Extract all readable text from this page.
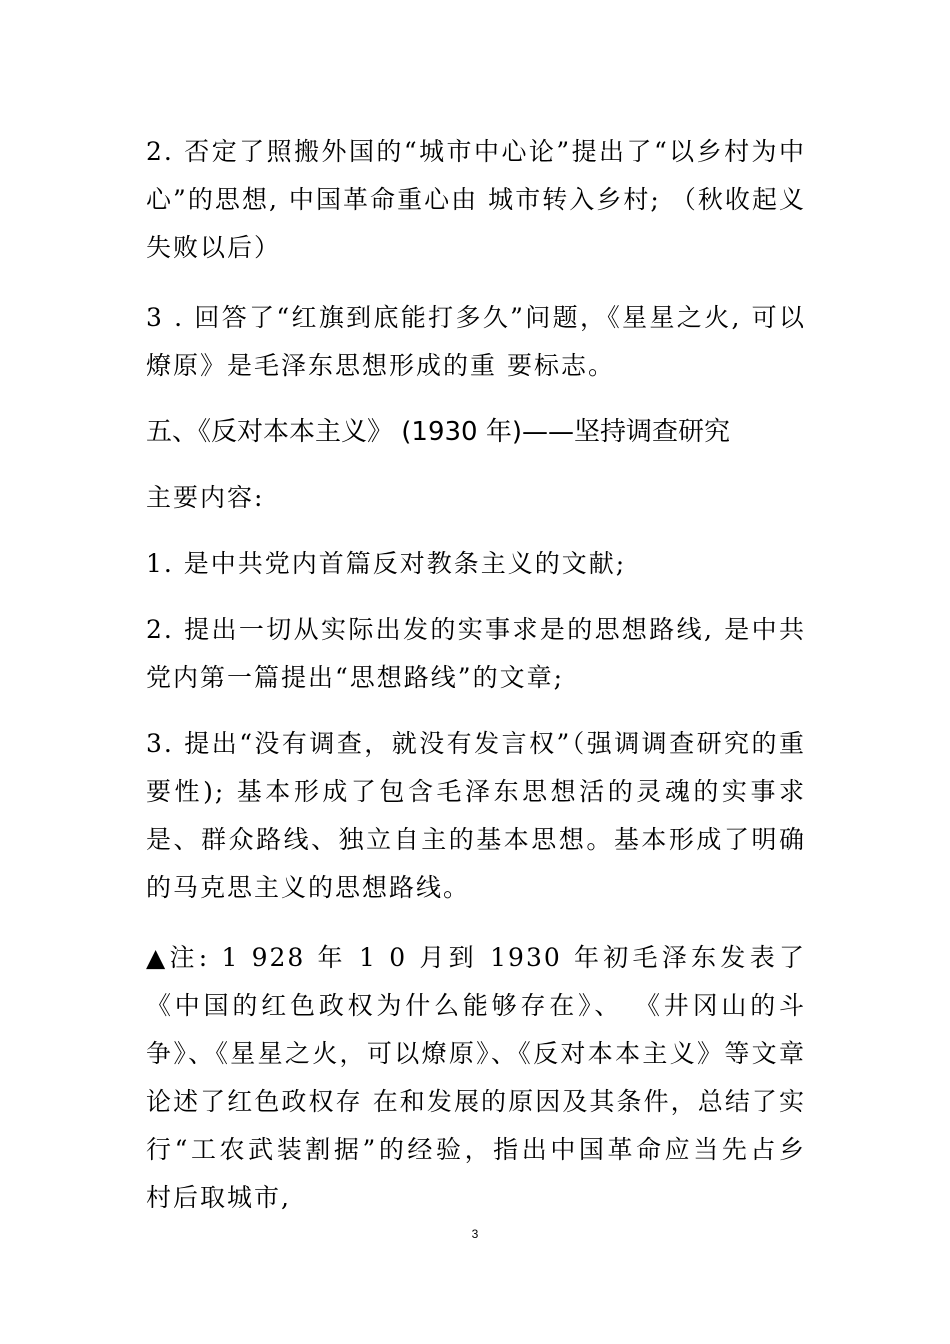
2. 否定了照搬外国的“城市中心论”提出了“以乡村为中心”的思想, 中国革命重心由 城市转入乡村; （秋收起义失败以后）

3 . 回答了“红旗到底能打多久”问题，《星星之火, 可以燎原》是毛泽东思想形成的重 要标志。

五、《反对本本主义》 (1930 年)——坚持调查研究

主要内容:

1. 是中共党内首篇反对教条主义的文献;

2. 提出一切从实际出发的实事求是的思想路线, 是中共党内第一篇提出“思想路线”的文章;

3. 提出“没有调查，就没有发言权”（强调调查研究的重要性); 基本形成了包含毛泽东思想活的灵魂的实事求是、群众路线、独立自主的基本思想。基本形成了明确的马克思主义的思想路线。

▲注: 1 928 年 1 0 月到 1930 年初毛泽东发表了《中国的红色政权为什么能够存在》、 《井冈山的斗争》、《星星之火，可以燎原》、《反对本本主义》等文章论述了红色政权存 在和发展的原因及其条件，总结了实行“工农武装割据”的经验，指出中国革命应当先占乡 村后取城市,

3
